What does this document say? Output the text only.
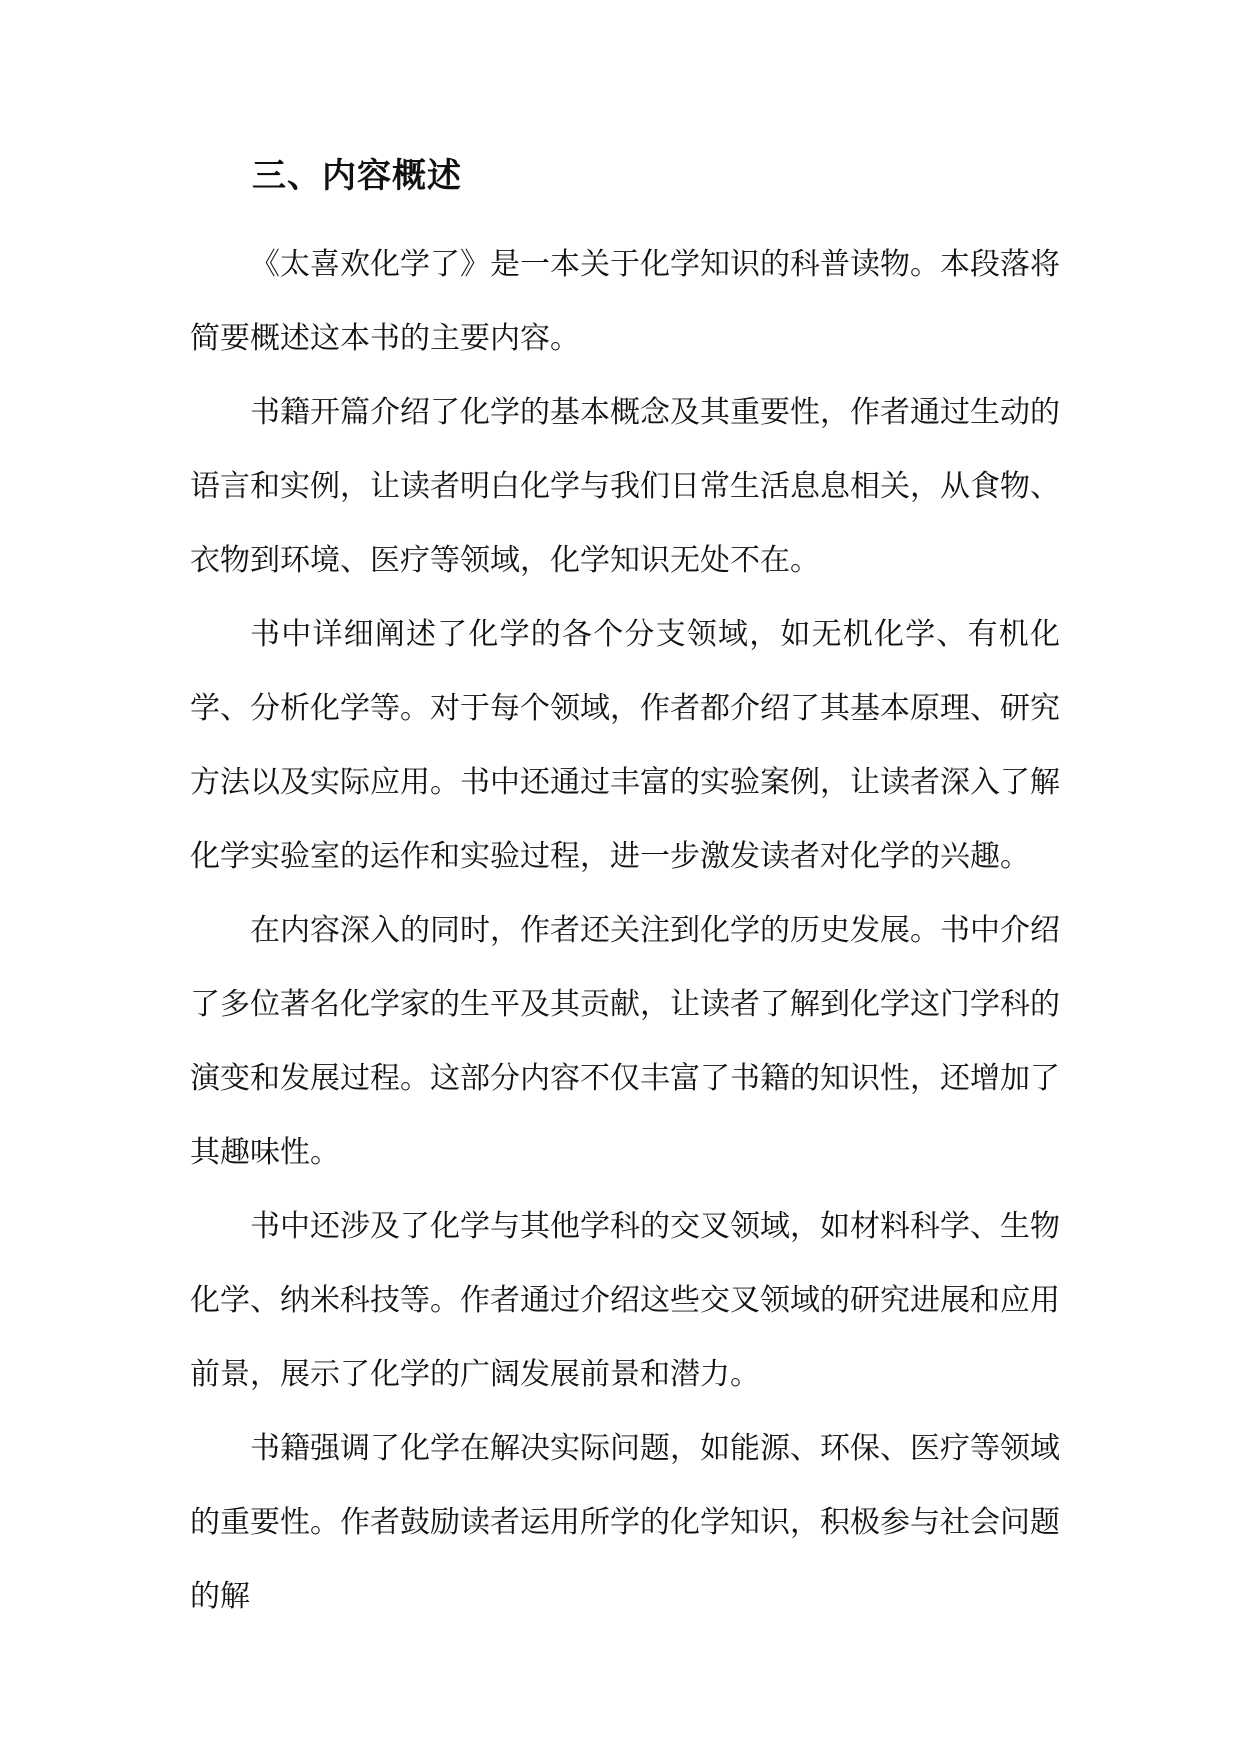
三、内容概述

《太喜欢化学了》是一本关于化学知识的科普读物。本段落将简要概述这本书的主要内容。

书籍开篇介绍了化学的基本概念及其重要性，作者通过生动的语言和实例，让读者明白化学与我们日常生活息息相关，从食物、衣物到环境、医疗等领域，化学知识无处不在。

书中详细阐述了化学的各个分支领域，如无机化学、有机化学、分析化学等。对于每个领域，作者都介绍了其基本原理、研究方法以及实际应用。书中还通过丰富的实验案例，让读者深入了解化学实验室的运作和实验过程，进一步激发读者对化学的兴趣。

在内容深入的同时，作者还关注到化学的历史发展。书中介绍了多位著名化学家的生平及其贡献，让读者了解到化学这门学科的演变和发展过程。这部分内容不仅丰富了书籍的知识性，还增加了其趣味性。

书中还涉及了化学与其他学科的交叉领域，如材料科学、生物化学、纳米科技等。作者通过介绍这些交叉领域的研究进展和应用前景，展示了化学的广阔发展前景和潜力。

书籍强调了化学在解决实际问题，如能源、环保、医疗等领域的重要性。作者鼓励读者运用所学的化学知识，积极参与社会问题的解
